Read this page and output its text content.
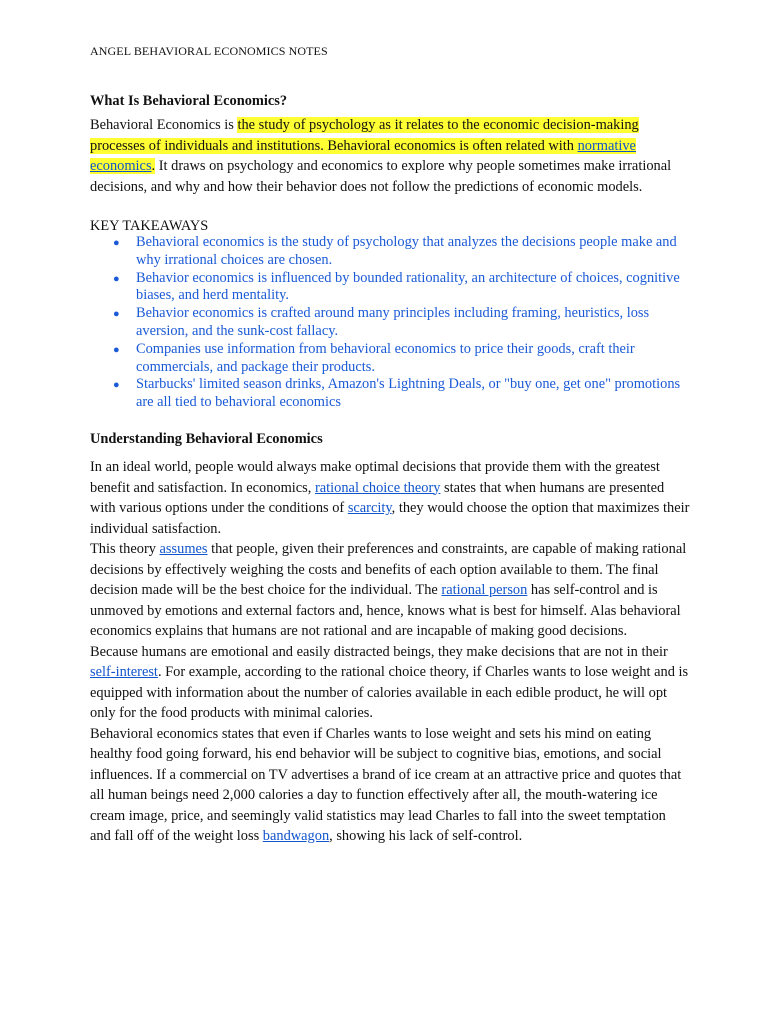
ANGEL BEHAVIORAL ECONOMICS NOTES
What Is Behavioral Economics?

Behavioral Economics is the study of psychology as it relates to the economic decision-making processes of individuals and institutions. Behavioral economics is often related with normative economics. It draws on psychology and economics to explore why people sometimes make irrational decisions, and why and how their behavior does not follow the predictions of economic models.

KEY TAKEAWAYS
● Behavioral economics is the study of psychology that analyzes the decisions people make and why irrational choices are chosen.
● Behavior economics is influenced by bounded rationality, an architecture of choices, cognitive biases, and herd mentality.
● Behavior economics is crafted around many principles including framing, heuristics, loss aversion, and the sunk-cost fallacy.
● Companies use information from behavioral economics to price their goods, craft their commercials, and package their products.
● Starbucks' limited season drinks, Amazon's Lightning Deals, or "buy one, get one" promotions are all tied to behavioral economics
Understanding Behavioral Economics

In an ideal world, people would always make optimal decisions that provide them with the greatest benefit and satisfaction. In economics, rational choice theory states that when humans are presented with various options under the conditions of scarcity, they would choose the option that maximizes their individual satisfaction.

This theory assumes that people, given their preferences and constraints, are capable of making rational decisions by effectively weighing the costs and benefits of each option available to them. The final decision made will be the best choice for the individual. The rational person has self-control and is unmoved by emotions and external factors and, hence, knows what is best for himself. Alas behavioral economics explains that humans are not rational and are incapable of making good decisions.

Because humans are emotional and easily distracted beings, they make decisions that are not in their self-interest. For example, according to the rational choice theory, if Charles wants to lose weight and is equipped with information about the number of calories available in each edible product, he will opt only for the food products with minimal calories.

Behavioral economics states that even if Charles wants to lose weight and sets his mind on eating healthy food going forward, his end behavior will be subject to cognitive bias, emotions, and social influences. If a commercial on TV advertises a brand of ice cream at an attractive price and quotes that all human beings need 2,000 calories a day to function effectively after all, the mouth-watering ice cream image, price, and seemingly valid statistics may lead Charles to fall into the sweet temptation and fall off of the weight loss bandwagon, showing his lack of self-control.
